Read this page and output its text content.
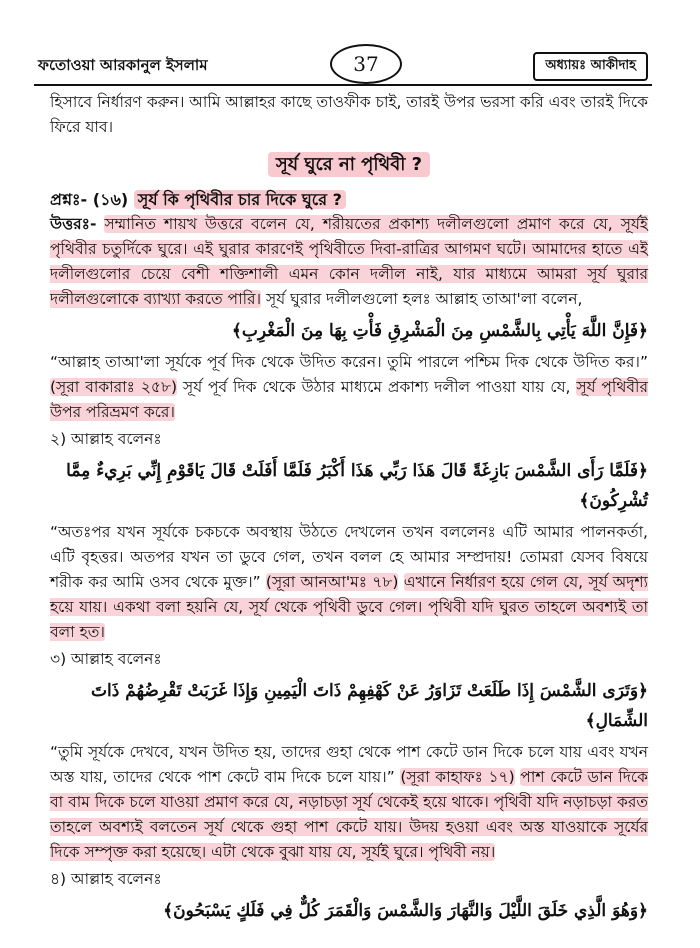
ফতোওয়া আরকানুল ইসলাম	37	অধ্যায়ঃ আকীদাহ

হিসাবে নির্ধারণ করুন। আমি আল্লাহর কাছে তাওফীক চাই, তারই উপর ভরসা করি এবং তারই দিকে ফিরে যাব।

সূর্য ঘুরে না পৃথিবী ?

প্রশ্নঃ- (১৬) সূর্য কি পৃথিবীর চার দিকে ঘুরে ?

উত্তরঃ- সম্মানিত শায়খ উত্তরে বলেন যে, শরীয়তের প্রকাশ্য দলীলগুলো প্রমাণ করে যে, সূর্যই পৃথিবীর চতুর্দিকে ঘুরে। এই ঘুরার কারণেই পৃথিবীতে দিবা-রাত্রির আগমণ ঘটে। আমাদের হাতে এই দলীলগুলোর চেয়ে বেশী শক্তিশালী এমন কোন দলীল নাই, যার মাধ্যমে আমরা সূর্য ঘুরার দলীলগুলোকে ব্যাখ্যা করতে পারি। সূর্য ঘুরার দলীলগুলো হলঃ আল্লাহ তাআ'লা বলেন,

﴿فَإِنَّ اللَّهَ يَأْتِي بِالشَّمْسِ مِنَ الْمَشْرِقِ فَأْتِ بِهَا مِنَ الْمَغْرِبِ﴾

“আল্লাহ তাআ'লা সূর্যকে পূর্ব দিক থেকে উদিত করেন। তুমি পারলে পশ্চিম দিক থেকে উদিত কর।” (সূরা বাকারাঃ ২৫৮) সূর্য পূর্ব দিক থেকে উঠার মাধ্যমে প্রকাশ্য দলীল পাওয়া যায় যে, সূর্য পৃথিবীর উপর পরিভ্রমণ করে।

২) আল্লাহ বলেনঃ

﴿فَلَمَّا رَأَى الشَّمْسَ بَازِغَةً قَالَ هَذَا رَبِّي هَذَا أَكْبَرُ فَلَمَّا أَفَلَتْ قَالَ يَاقَوْمِ إِنِّي بَرِيءٌ مِمَّا تُشْرِكُونَ﴾

“অতঃপর যখন সূর্যকে চকচকে অবস্থায় উঠতে দেখলেন তখন বললেনঃ এটি আমার পালনকর্তা, এটি বৃহত্তর। অতপর যখন তা ডুবে গেল, তখন বলল হে আমার সম্প্রদায়! তোমরা যেসব বিষয়ে শরীক কর আমি ওসব থেকে মুক্ত।” (সূরা আনআ'মঃ ৭৮) এখানে নির্ধারণ হয়ে গেল যে, সূর্য অদৃশ্য হয়ে যায়। একথা বলা হয়নি যে, সূর্য থেকে পৃথিবী ডুবে গেল। পৃথিবী যদি ঘুরত তাহলে অবশ্যই তা বলা হত।

৩) আল্লাহ বলেনঃ

﴿وَتَرَى الشَّمْسَ إِذَا طَلَعَتْ تَزَاوَرُ عَنْ كَهْفِهِمْ ذَاتَ الْيَمِينِ وَإِذَا غَرَبَتْ تَقْرِضُهُمْ ذَاتَ الشِّمَالِ﴾

“তুমি সূর্যকে দেখবে, যখন উদিত হয়, তাদের গুহা থেকে পাশ কেটে ডান দিকে চলে যায় এবং যখন অস্ত যায়, তাদের থেকে পাশ কেটে বাম দিকে চলে যায়।” (সূরা কাহাফঃ ১৭) পাশ কেটে ডান দিকে বা বাম দিকে চলে যাওয়া প্রমাণ করে যে, নড়াচড়া সূর্য থেকেই হয়ে থাকে। পৃথিবী যদি নড়াচড়া করত তাহলে অবশ্যই বলতেন সূর্য থেকে গুহা পাশ কেটে যায়। উদয় হওয়া এবং অস্ত যাওয়াকে সূর্যের দিকে সম্পৃক্ত করা হয়েছে। এটা থেকে বুঝা যায় যে, সূর্যই ঘুরে। পৃথিবী নয়।

৪) আল্লাহ বলেনঃ

﴿وَهُوَ الَّذِي خَلَقَ اللَّيْلَ وَالنَّهَارَ وَالشَّمْسَ وَالْقَمَرَ كُلٌّ فِي فَلَكٍ يَسْبَحُونَ﴾
